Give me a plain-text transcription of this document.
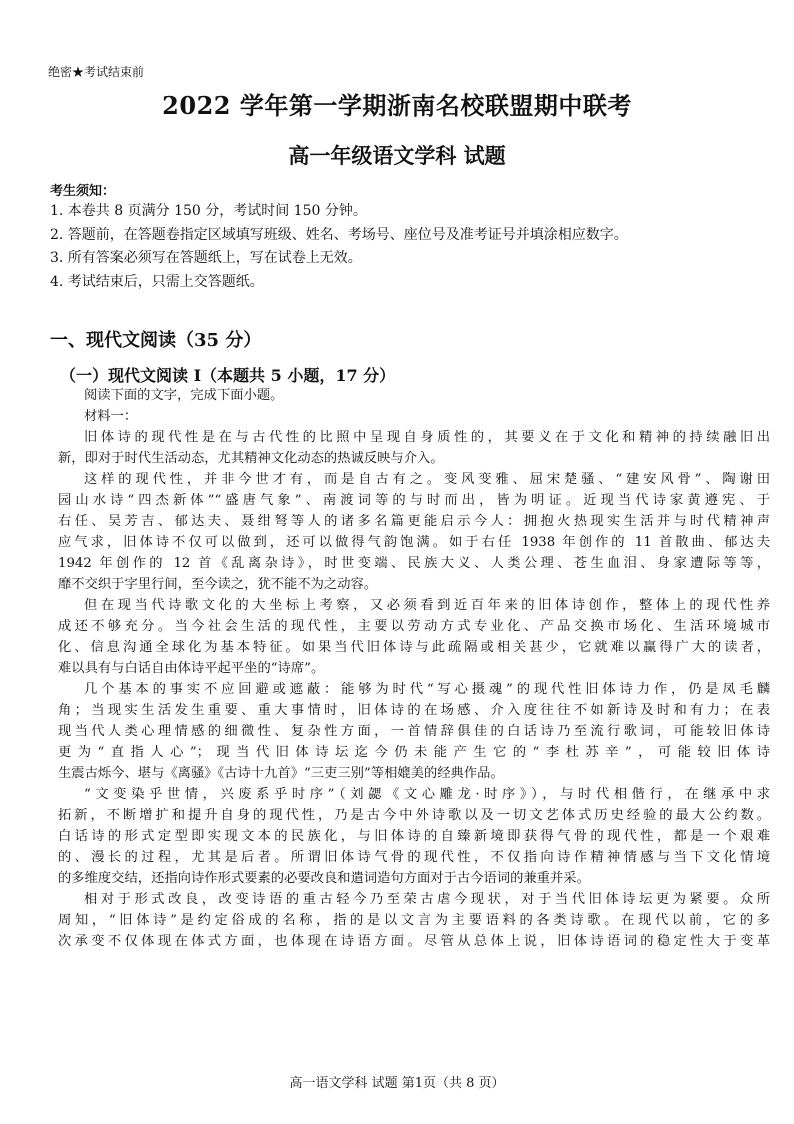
绝密★考试结束前
2022 学年第一学期浙南名校联盟期中联考
高一年级语文学科 试题
考生须知：
1. 本卷共 8 页满分 150 分，考试时间 150 分钟。
2. 答题前，在答题卷指定区域填写班级、姓名、考场号、座位号及准考证号并填涂相应数字。
3. 所有答案必须写在答题纸上，写在试卷上无效。
4. 考试结束后，只需上交答题纸。
一、现代文阅读（35 分）
（一）现代文阅读 I（本题共 5 小题，17 分）
阅读下面的文字，完成下面小题。
材料一：
旧体诗的现代性是在与古代性的比照中呈现自身质性的，其要义在于文化和精神的持续融旧出
新，即对于时代生活动态，尤其精神文化动态的热诚反映与介入。
这样的现代性，并非今世才有，而是自古有之。变风变雅、屈宋楚骚、“建安风骨”、陶谢田
园山水诗“四杰新体”“盛唐气象”、南渡词等的与时而出，皆为明证。近现当代诗家黄遵宪、于
右任、吴芳吉、郁达夫、聂绀弩等人的诸多名篇更能启示今人：拥抱火热现实生活并与时代精神声
应气求，旧体诗不仅可以做到，还可以做得气韵饱满。如于右任 1938 年创作的 11 首散曲、郁达夫
1942 年创作的 12 首《乱离杂诗》，时世变端、民族大义、人类公理、苍生血泪、身家遭际等等，
靡不交织于字里行间，至今读之，犹不能不为之动容。
但在现当代诗歌文化的大坐标上考察，又必须看到近百年来的旧体诗创作，整体上的现代性养
成还不够充分。当今社会生活的现代性，主要以劳动方式专业化、产品交换市场化、生活环境城市
化、信息沟通全球化为基本特征。如果当代旧体诗与此疏隔或相关甚少，它就难以赢得广大的读者，
难以具有与白话自由体诗平起平坐的“诗席”。
几个基本的事实不应回避或遮蔽：能够为时代“写心摄魂”的现代性旧体诗力作，仍是凤毛麟
角；当现实生活发生重要、重大事情时，旧体诗的在场感、介入度往往不如新诗及时和有力；在表
现当代人类心理情感的细微性、复杂性方面，一首情辞俱佳的白话诗乃至流行歌词，可能较旧体诗
更为“直指人心”；现当代旧体诗坛迄今仍未能产生它的“李杜苏辛”，可能较旧体诗
生震古烁今、堪与《离骚》《古诗十九首》“三吏三别”等相媲美的经典作品。
“文变染乎世情，兴废系乎时序”（刘勰《文心雕龙·时序》），与时代相偕行，在继承中求
拓新，不断增扩和提升自身的现代性，乃是古今中外诗歌以及一切文艺体式历史经验的最大公约数。
白话诗的形式定型即实现文本的民族化，与旧体诗的自臻新境即获得气骨的现代性，都是一个艰难
的、漫长的过程，尤其是后者。所谓旧体诗气骨的现代性，不仅指向诗作精神情感与当下文化情境
的多维度交结，还指向诗作形式要素的必要改良和遣词造句方面对于古今语词的兼重并采。
相对于形式改良，改变诗语的重古轻今乃至荣古虐今现状，对于当代旧体诗坛更为紧要。众所
周知，“旧体诗”是约定俗成的名称，指的是以文言为主要语料的各类诗歌。在现代以前，它的多
次承变不仅体现在体式方面，也体现在诗语方面。尽管从总体上说，旧体诗语词的稳定性大于变革
高一语文学科 试题 第1页（共 8 页）
